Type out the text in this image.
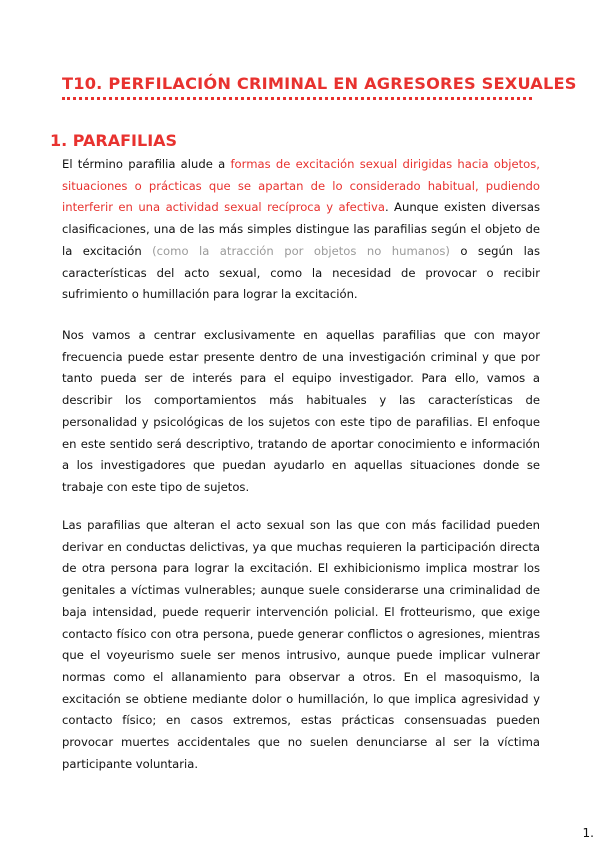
T10. PERFILACIÓN CRIMINAL EN AGRESORES SEXUALES
1. PARAFILIAS

El término parafilia alude a formas de excitación sexual dirigidas hacia objetos, situaciones o prácticas que se apartan de lo considerado habitual, pudiendo interferir en una actividad sexual recíproca y afectiva. Aunque existen diversas clasificaciones, una de las más simples distingue las parafilias según el objeto de la excitación (como la atracción por objetos no humanos) o según las características del acto sexual, como la necesidad de provocar o recibir sufrimiento o humillación para lograr la excitación.

Nos vamos a centrar exclusivamente en aquellas parafilias que con mayor frecuencia puede estar presente dentro de una investigación criminal y que por tanto pueda ser de interés para el equipo investigador. Para ello, vamos a describir los comportamientos más habituales y las características de personalidad y psicológicas de los sujetos con este tipo de parafilias. El enfoque en este sentido será descriptivo, tratando de aportar conocimiento e información a los investigadores que puedan ayudarlo en aquellas situaciones donde se trabaje con este tipo de sujetos.

Las parafilias que alteran el acto sexual son las que con más facilidad pueden derivar en conductas delictivas, ya que muchas requieren la participación directa de otra persona para lograr la excitación. El exhibicionismo implica mostrar los genitales a víctimas vulnerables; aunque suele considerarse una criminalidad de baja intensidad, puede requerir intervención policial. El frotteurismo, que exige contacto físico con otra persona, puede generar conflictos o agresiones, mientras que el voyeurismo suele ser menos intrusivo, aunque puede implicar vulnerar normas como el allanamiento para observar a otros. En el masoquismo, la excitación se obtiene mediante dolor o humillación, lo que implica agresividad y contacto físico; en casos extremos, estas prácticas consensuadas pueden provocar muertes accidentales que no suelen denunciarse al ser la víctima participante voluntaria.

1.
